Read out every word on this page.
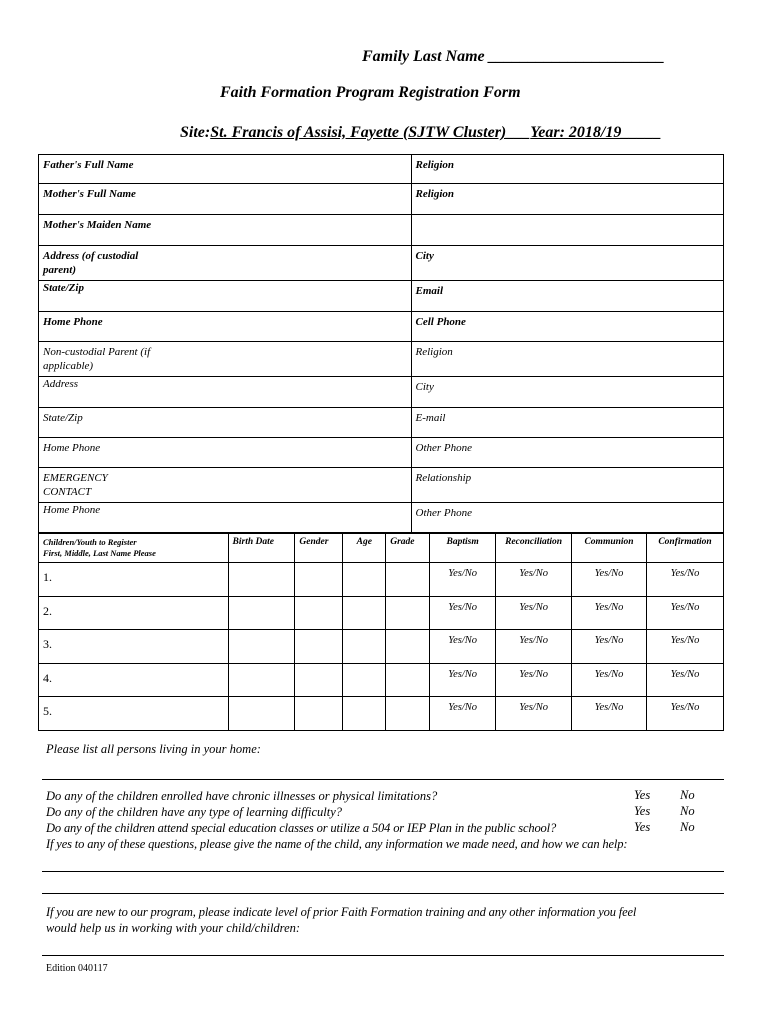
Family Last Name ______________________
Faith Formation Program Registration Form
Site:St. Francis of Assisi, Fayette (SJTW Cluster)___Year: 2018/19_____
Father's Full Name	Religion
Mother's Full Name	Religion
Mother's Maiden Name	

Address (of custodial parent)	City
State/Zip	Email
Home Phone	Cell Phone

Non-custodial Parent (if applicable)	Religion
Address	City
State/Zip	E-mail
Home Phone	Other Phone

EMERGENCY CONTACT	Relationship
Home Phone	Other Phone
Children/Youth to Register
First, Middle, Last Name Please	Birth Date	Gender	Age	Grade	Baptism	Reconciliation	Communion	Confirmation
1.					Yes/No	Yes/No	Yes/No	Yes/No
2.					Yes/No	Yes/No	Yes/No	Yes/No
3.					Yes/No	Yes/No	Yes/No	Yes/No
4.					Yes/No	Yes/No	Yes/No	Yes/No
5.					Yes/No	Yes/No	Yes/No	Yes/No
Please list all persons living in your home:
Do any of the children enrolled have chronic illnesses or physical limitations?	Yes No
Do any of the children have any type of learning difficulty?	Yes No
Do any of the children attend special education classes or utilize a 504 or IEP Plan in the public school?	Yes No
If yes to any of these questions, please give the name of the child, any information we made need, and how we can help:
If you are new to our program, please indicate level of prior Faith Formation training and any other information you feel
would help us in working with your child/children:
Edition 040117
